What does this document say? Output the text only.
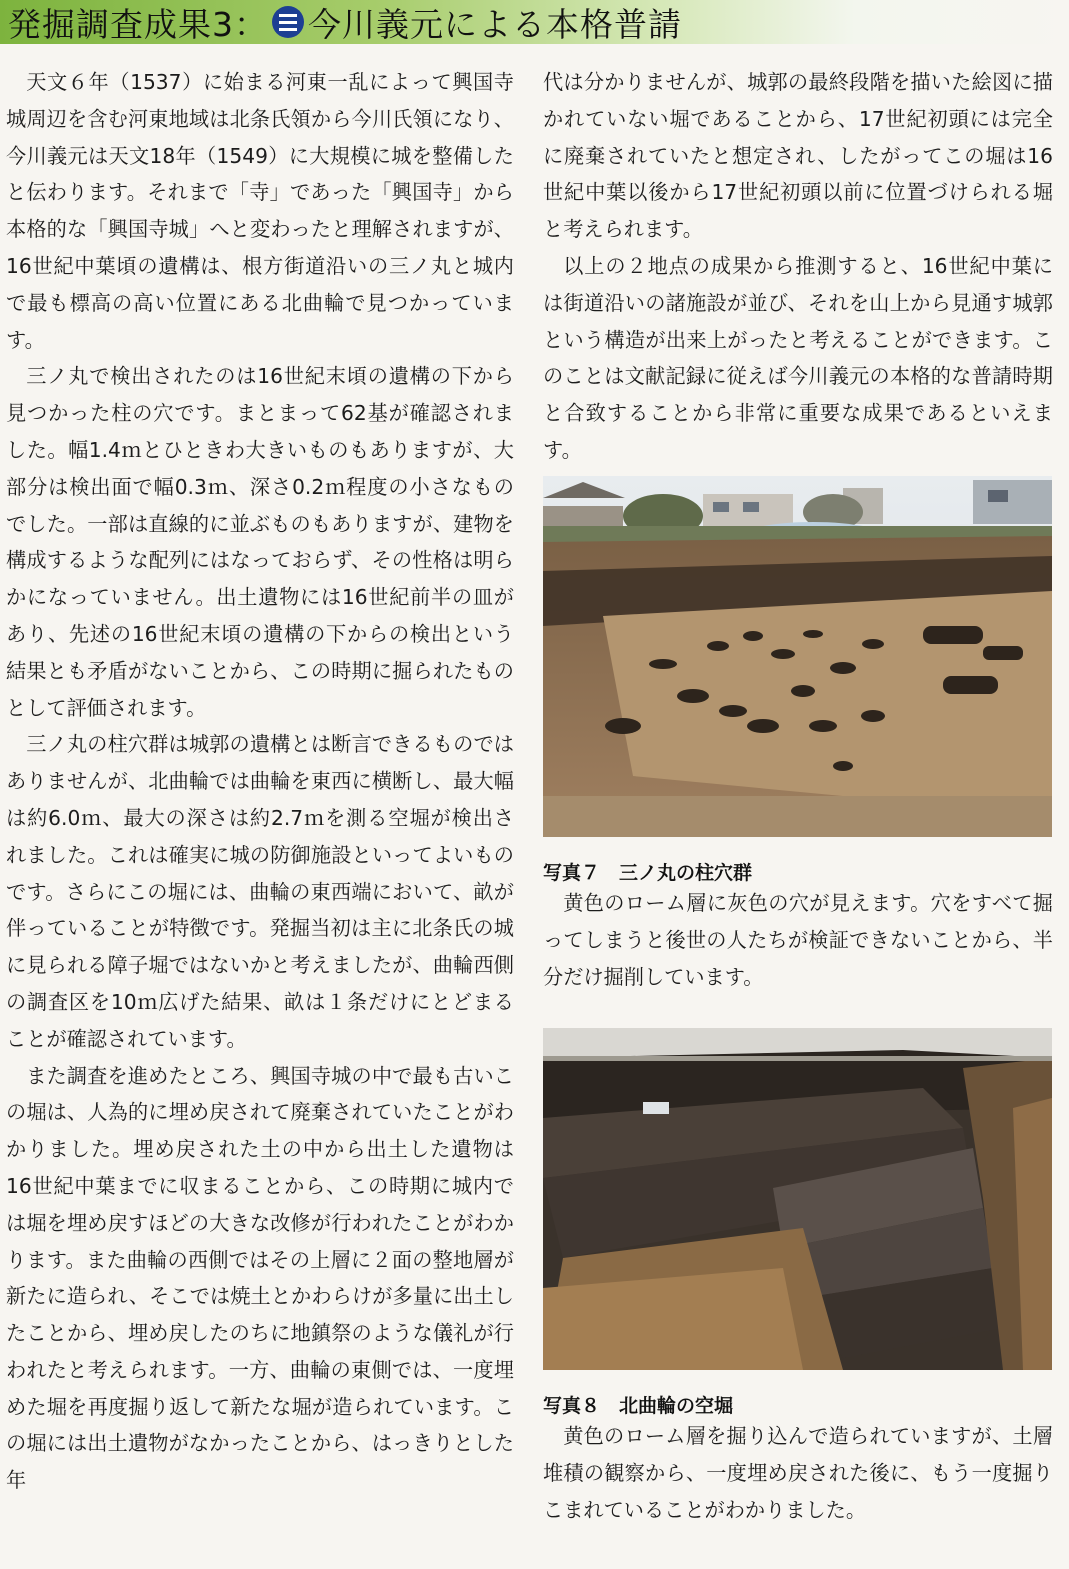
発掘調査成果3： 今川義元による本格普請

天文６年（1537）に始まる河東一乱によって興国寺城周辺を含む河東地域は北条氏領から今川氏領になり、今川義元は天文18年（1549）に大規模に城を整備したと伝わります。それまで「寺」であった「興国寺」から本格的な「興国寺城」へと変わったと理解されますが、16世紀中葉頃の遺構は、根方街道沿いの三ノ丸と城内で最も標高の高い位置にある北曲輪で見つかっています。

三ノ丸で検出されたのは16世紀末頃の遺構の下から見つかった柱の穴です。まとまって62基が確認されました。幅1.4ｍとひときわ大きいものもありますが、大部分は検出面で幅0.3ｍ、深さ0.2ｍ程度の小さなものでした。一部は直線的に並ぶものもありますが、建物を構成するような配列にはなっておらず、その性格は明らかになっていません。出土遺物には16世紀前半の皿があり、先述の16世紀末頃の遺構の下からの検出という結果とも矛盾がないことから、この時期に掘られたものとして評価されます。

三ノ丸の柱穴群は城郭の遺構とは断言できるものではありませんが、北曲輪では曲輪を東西に横断し、最大幅は約6.0ｍ、最大の深さは約2.7ｍを測る空堀が検出されました。これは確実に城の防御施設といってよいものです。さらにこの堀には、曲輪の東西端において、畝が伴っていることが特徴です。発掘当初は主に北条氏の城に見られる障子堀ではないかと考えましたが、曲輪西側の調査区を10ｍ広げた結果、畝は１条だけにとどまることが確認されています。

また調査を進めたところ、興国寺城の中で最も古いこの堀は、人為的に埋め戻されて廃棄されていたことがわかりました。埋め戻された土の中から出土した遺物は16世紀中葉までに収まることから、この時期に城内では堀を埋め戻すほどの大きな改修が行われたことがわかります。また曲輪の西側ではその上層に２面の整地層が新たに造られ、そこでは焼土とかわらけが多量に出土したことから、埋め戻したのちに地鎮祭のような儀礼が行われたと考えられます。一方、曲輪の東側では、一度埋めた堀を再度掘り返して新たな堀が造られています。この堀には出土遺物がなかったことから、はっきりとした年

代は分かりませんが、城郭の最終段階を描いた絵図に描かれていない堀であることから、17世紀初頭には完全に廃棄されていたと想定され、したがってこの堀は16世紀中葉以後から17世紀初頭以前に位置づけられる堀と考えられます。

以上の２地点の成果から推測すると、16世紀中葉には街道沿いの諸施設が並び、それを山上から見通す城郭という構造が出来上がったと考えることができます。このことは文献記録に従えば今川義元の本格的な普請時期と合致することから非常に重要な成果であるといえます。

写真７　三ノ丸の柱穴群
黄色のローム層に灰色の穴が見えます。穴をすべて掘ってしまうと後世の人たちが検証できないことから、半分だけ掘削しています。
写真８　北曲輪の空堀
黄色のローム層を掘り込んで造られていますが、土層堆積の観察から、一度埋め戻された後に、もう一度掘りこまれていることがわかりました。
